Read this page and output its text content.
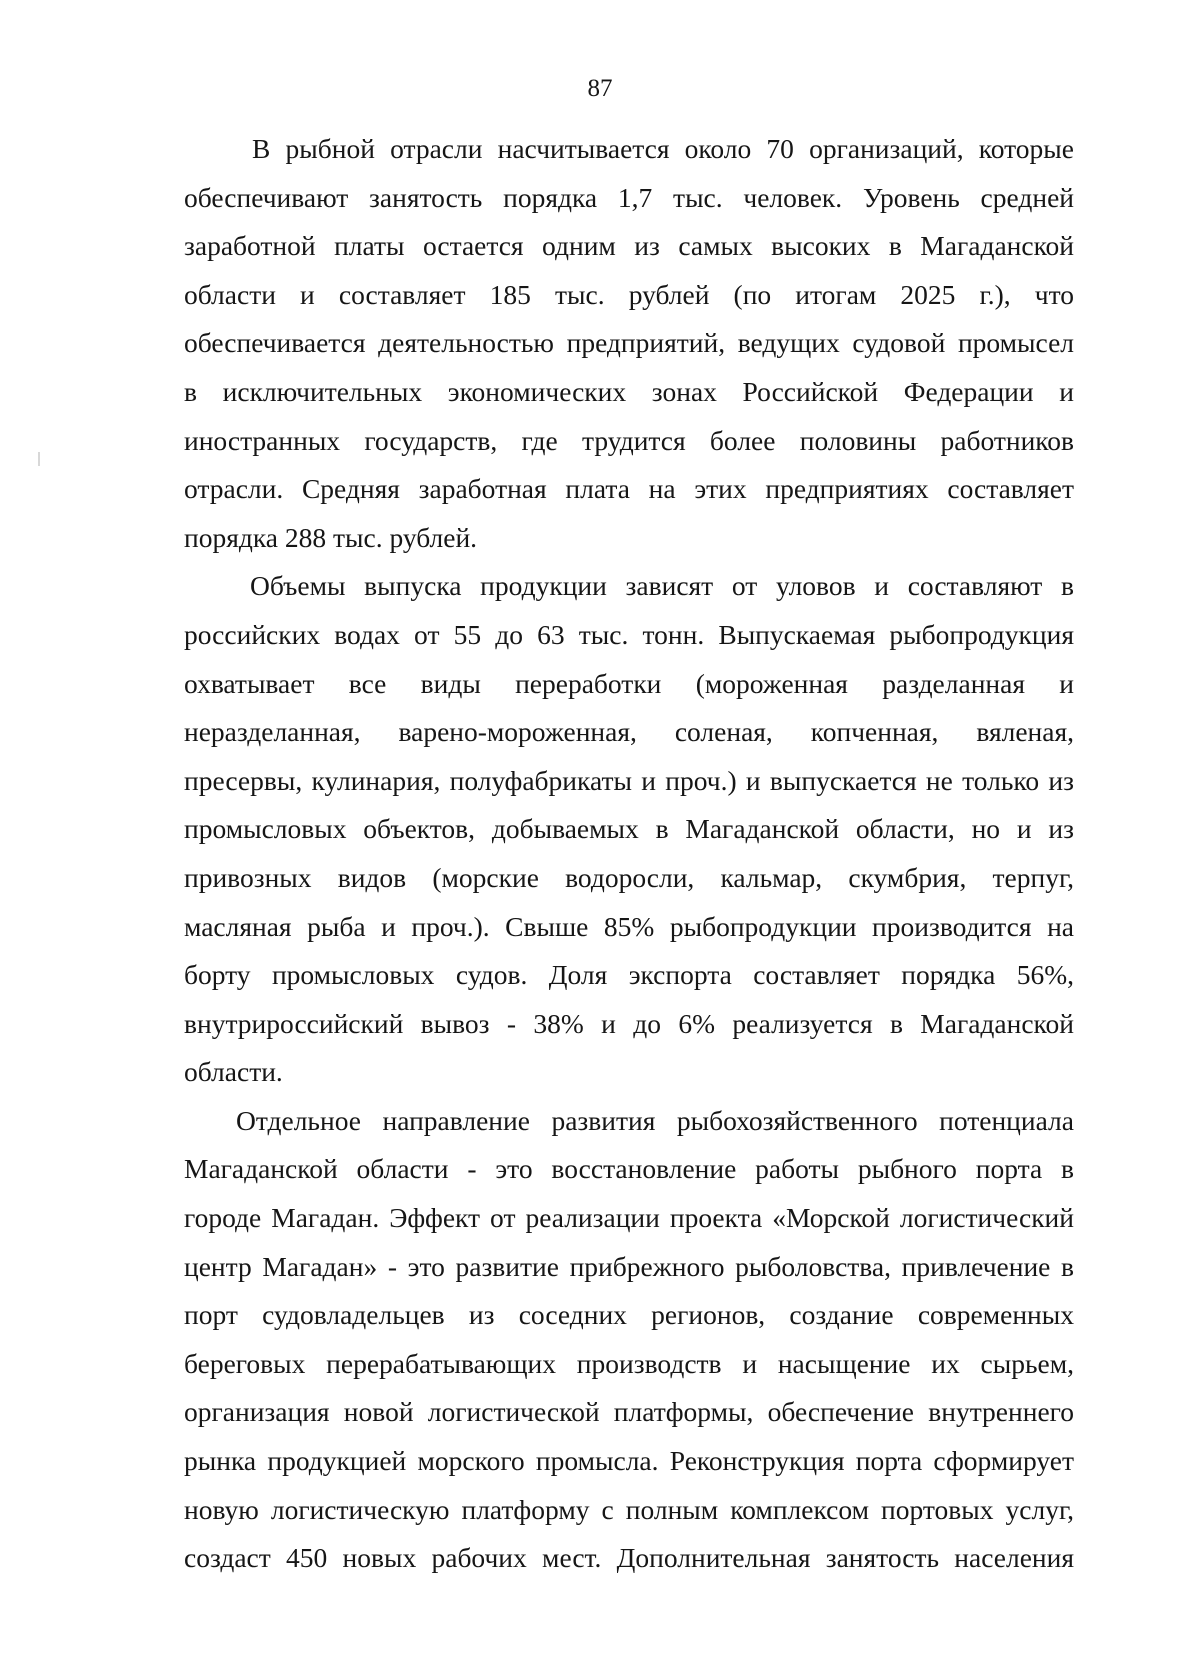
87
В рыбной отрасли насчитывается около 70 организаций, которые
обеспечивают занятость порядка 1,7 тыс. человек. Уровень средней
заработной платы остается одним из самых высоких в Магаданской
области и составляет 185 тыс. рублей (по итогам 2025 г.), что
обеспечивается деятельностью предприятий, ведущих судовой промысел
в исключительных экономических зонах Российской Федерации и
иностранных государств, где трудится более половины работников
отрасли. Средняя заработная плата на этих предприятиях составляет
порядка 288 тыс. рублей.
Объемы выпуска продукции зависят от уловов и составляют в
российских водах от 55 до 63 тыс. тонн. Выпускаемая рыбопродукция
охватывает все виды переработки (мороженная разделанная и
неразделанная, варено-мороженная, соленая, копченная, вяленая,
пресервы, кулинария, полуфабрикаты и проч.) и выпускается не только из
промысловых объектов, добываемых в Магаданской области, но и из
привозных видов (морские водоросли, кальмар, скумбрия, терпуг,
масляная рыба и проч.). Свыше 85% рыбопродукции производится на
борту промысловых судов. Доля экспорта составляет порядка 56%,
внутрироссийский вывоз - 38% и до 6% реализуется в Магаданской
области.
Отдельное направление развития рыбохозяйственного потенциала
Магаданской области - это восстановление работы рыбного порта в
городе Магадан. Эффект от реализации проекта «Морской логистический
центр Магадан» - это развитие прибрежного рыболовства, привлечение в
порт судовладельцев из соседних регионов, создание современных
береговых перерабатывающих производств и насыщение их сырьем,
организация новой логистической платформы, обеспечение внутреннего
рынка продукцией морского промысла. Реконструкция порта сформирует
новую логистическую платформу с полным комплексом портовых услуг,
создаст 450 новых рабочих мест. Дополнительная занятость населения
